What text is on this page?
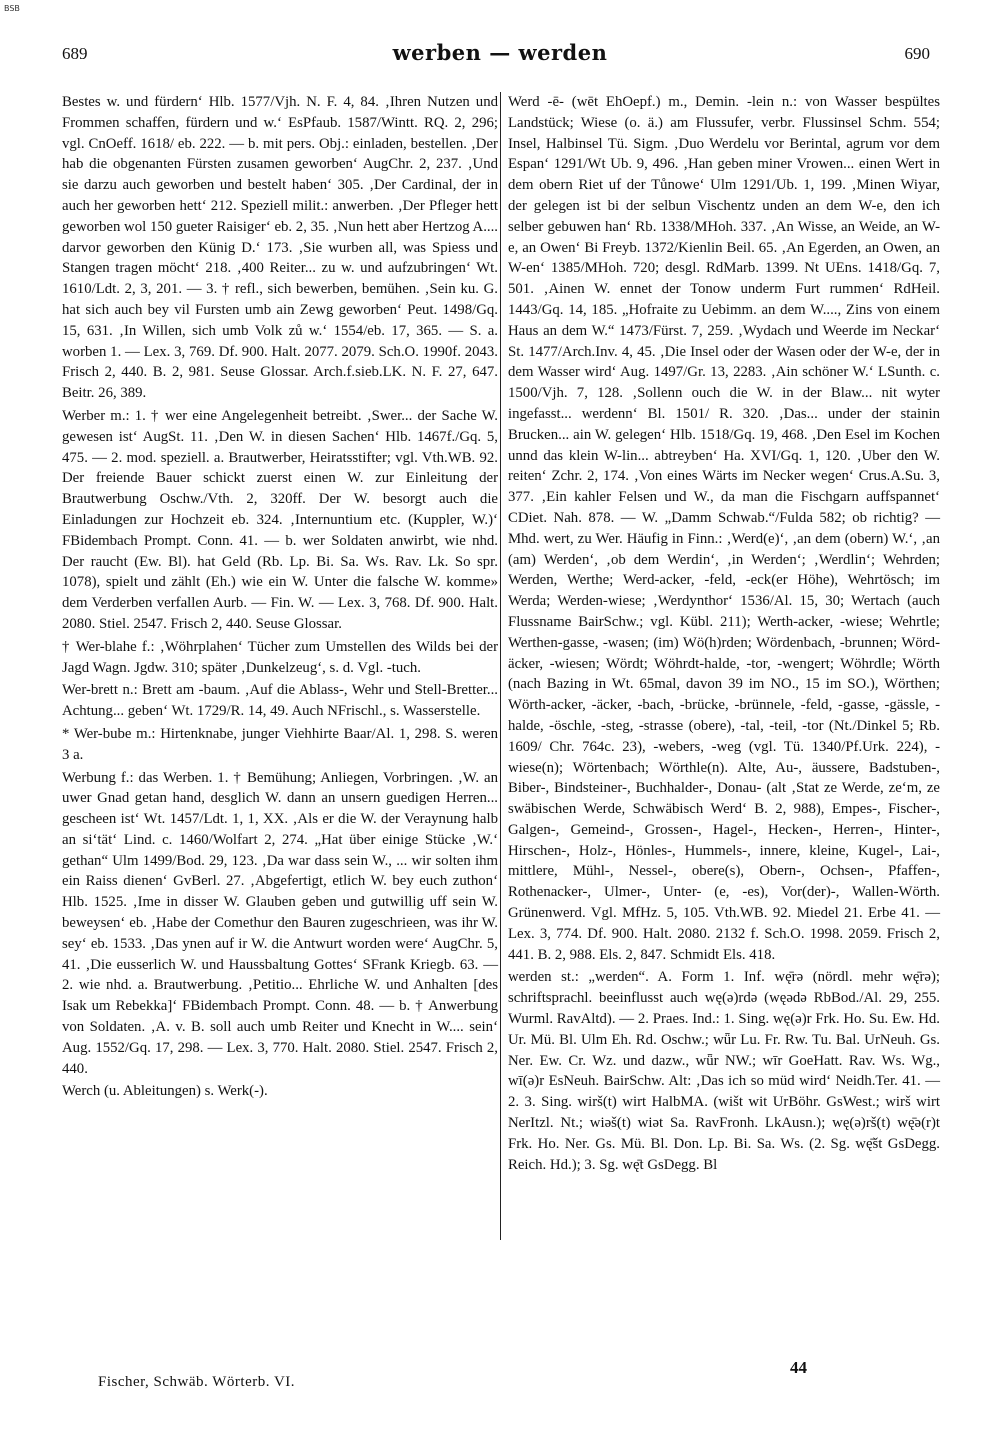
BSB
689	werben — werden	690

Bestes w. und fürdern‘ Hlb. 1577/Vjh. N. F. 4, 84. ‚Ihren Nutzen und Frommen schaffen, fürdern und w.‘ EsPfaub. 1587/Wintt. RQ. 2, 296; vgl. CnOeff. 1618/ eb. 222. — b. mit pers. Obj.: einladen, bestellen. ‚Der hab die obgenanten Fürsten zusamen geworben‘ AugChr. 2, 237. ‚Und sie darzu auch geworben und bestelt haben‘ 305. ‚Der Cardinal, der in auch her geworben hett‘ 212. Speziell milit.: anwerben. ‚Der Pfleger hett geworben wol 150 gueter Raisiger‘ eb. 2, 35. ‚Nun hett aber Hertzog A.... darvor geworben den Künig D.‘ 173. ‚Sie wurben all, was Spiess und Stangen tragen möcht‘ 218. ‚400 Reiter... zu w. und aufzubringen‘ Wt. 1610/Ldt. 2, 3, 201. — 3. † refl., sich bewerben, bemühen. ‚Sein ku. G. hat sich auch bey vil Fursten umb ain Zewg geworben‘ Peut. 1498/Gq. 15, 631. ‚In Willen, sich umb Volk zů w.‘ 1554/eb. 17, 365. — S. a. worben 1. — Lex. 3, 769. Df. 900. Halt. 2077. 2079. Sch.O. 1990f. 2043. Frisch 2, 440. B. 2, 981. Seuse Glossar. Arch.f.sieb.LK. N. F. 27, 647. Beitr. 26, 389.

Werber m.: 1. † wer eine Angelegenheit betreibt. ‚Swer... der Sache W. gewesen ist‘ AugSt. 11. ‚Den W. in diesen Sachen‘ Hlb. 1467f./Gq. 5, 475. — 2. mod. speziell. a. Brautwerber, Heiratsstifter; vgl. Vth.WB. 92. Der freiende Bauer schickt zuerst einen W. zur Einleitung der Brautwerbung Oschw./Vth. 2, 320ff. Der W. besorgt auch die Einladungen zur Hochzeit eb. 324. ‚Internuntium etc. (Kuppler, W.)‘ FBidembach Prompt. Conn. 41. — b. wer Soldaten anwirbt, wie nhd. Der raucht (Ew. Bl). hat Geld (Rb. Lp. Bi. Sa. Ws. Rav. Lk. So spr. 1078), spielt und zählt (Eh.) wie ein W. Unter die falsche W. komme» dem Verderben verfallen Aurb. — Fin. W. — Lex. 3, 768. Df. 900. Halt. 2080. Stiel. 2547. Frisch 2, 440. Seuse Glossar.

† Wer-blahe f.: ‚Wöhrplahen‘ Tücher zum Umstellen des Wilds bei der Jagd Wagn. Jgdw. 310; später ‚Dunkelzeug‘, s. d. Vgl. -tuch.

Wer-brett n.: Brett am -baum. ‚Auf die Ablass-, Wehr und Stell-Bretter... Achtung... geben‘ Wt. 1729/R. 14, 49. Auch NFrischl., s. Wasserstelle.

* Wer-bube m.: Hirtenknabe, junger Viehhirte Baar/Al. 1, 298. S. weren 3 a.

Werbung f.: das Werben. 1. † Bemühung; Anliegen, Vorbringen. ‚W. an uwer Gnad getan hand, desglich W. dann an unsern guedigen Herren... gescheen ist‘ Wt. 1457/Ldt. 1, 1, XX. ‚Als er die W. der Veraynung halb an si‘tät‘ Lind. c. 1460/Wolfart 2, 274. „Hat über einige Stücke ‚W.‘ gethan“ Ulm 1499/Bod. 29, 123. ‚Da war dass sein W., ... wir solten ihm ein Raiss dienen‘ GvBerl. 27. ‚Abgefertigt, etlich W. bey euch zuthon‘ Hlb. 1525. ‚Ime in disser W. Glauben geben und gutwillig uff sein W. beweysen‘ eb. ‚Habe der Comethur den Bauren zugeschrieen, was ihr W. sey‘ eb. 1533. ‚Das ynen auf ir W. die Antwurt worden were‘ AugChr. 5, 41. ‚Die eusserlich W. und Haussbaltung Gottes‘ SFrank Kriegb. 63. — 2. wie nhd. a. Brautwerbung. ‚Petitio... Ehrliche W. und Anhalten [des Isak um Rebekka]‘ FBidembach Prompt. Conn. 48. — b. † Anwerbung von Soldaten. ‚A. v. B. soll auch umb Reiter und Knecht in W.... sein‘ Aug. 1552/Gq. 17, 298. — Lex. 3, 770. Halt. 2080. Stiel. 2547. Frisch 2, 440.

Werch (u. Ableitungen) s. Werk(-).

Werd -ē- (wēt EhOepf.) m., Demin. -lein n.: von Wasser bespültes Landstück; Wiese (o. ä.) am Flussufer, verbr. Flussinsel Schm. 554; Insel, Halbinsel Tü. Sigm. ‚Duo Werdelu vor Berintal, agrum vor dem Espan‘ 1291/Wt Ub. 9, 496. ‚Han geben miner Vrowen... einen Wert in dem obern Riet uf der Tůnowe‘ Ulm 1291/Ub. 1, 199. ‚Minen Wiyar, der gelegen ist bi der selbun Vischentz unden an dem W-e, den ich selber gebuwen han‘ Rb. 1338/MHoh. 337. ‚An Wisse, an Weide, an W-e, an Owen‘ Bi Freyb. 1372/Kienlin Beil. 65. ‚An Egerden, an Owen, an W-en‘ 1385/MHoh. 720; desgl. RdMarb. 1399. Nt UEns. 1418/Gq. 7, 501. ‚Ainen W. ennet der Tonow underm Furt rummen‘ RdHeil. 1443/Gq. 14, 185. „Hofraite zu Uebimm. an dem W...., Zins von einem Haus an dem W.“ 1473/Fürst. 7, 259. ‚Wydach und Weerde im Neckar‘ St. 1477/Arch.Inv. 4, 45. ‚Die Insel oder der Wasen oder der W-e, der in dem Wasser wird‘ Aug. 1497/Gr. 13, 2283. ‚Ain schöner W.‘ LSunth. c. 1500/Vjh. 7, 128. ‚Sollenn ouch die W. in der Blaw... nit wyter ingefasst... werdenn‘ Bl. 1501/ R. 320. ‚Das... under der stainin Brucken... ain W. gelegen‘ Hlb. 1518/Gq. 19, 468. ‚Den Esel im Kochen unnd das klein W-lin... abtreyben‘ Ha. XVI/Gq. 1, 120. ‚Uber den W. reiten‘ Zchr. 2, 174. ‚Von eines Wärts im Necker wegen‘ Crus.A.Su. 3, 377. ‚Ein kahler Felsen und W., da man die Fischgarn auffspannet‘ CDiet. Nah. 878. — W. „Damm Schwab.“/Fulda 582; ob richtig? — Mhd. wert, zu Wer. Häufig in Finn.: ‚Werd(e)‘, ‚an dem (obern) W.‘, ‚an (am) Werden‘, ‚ob dem Werdin‘, ‚in Werden‘; ‚Werdlin‘; Wehrden; Werden, Werthe; Werd-acker, -feld, -eck(er Höhe), Wehrtösch; im Werda; Werden-wiese; ‚Werdynthor‘ 1536/Al. 15, 30; Wertach (auch Flussname BairSchw.; vgl. Kübl. 211); Werth-acker, -wiese; Wehrtle; Werthen-gasse, -wasen; (im) Wö(h)rden; Wördenbach, -brunnen; Wörd-äcker, -wiesen; Wördt; Wöhrdt-halde, -tor, -wengert; Wöhrdle; Wörth (nach Bazing in Wt. 65mal, davon 39 im NO., 15 im SO.), Wörthen; Wörth-acker, -äcker, -bach, -brücke, -brünnele, -feld, -gasse, -gässle, -halde, -öschle, -steg, -strasse (obere), -tal, -teil, -tor (Nt./Dinkel 5; Rb. 1609/ Chr. 764c. 23), -webers, -weg (vgl. Tü. 1340/Pf.Urk. 224), -wiese(n); Wörtenbach; Wörthle(n). Alte, Au-, äussere, Badstuben-, Biber-, Bindsteiner-, Buchhalder-, Donau- (alt ‚Stat ze Werde, ze‘m, ze swäbischen Werde, Schwäbisch Werd‘ B. 2, 988), Empes-, Fischer-, Galgen-, Gemeind-, Grossen-, Hagel-, Hecken-, Herren-, Hinter-, Hirschen-, Holz-, Hönles-, Hummels-, innere, kleine, Kugel-, Lai-, mittlere, Mühl-, Nessel-, obere(s), Obern-, Ochsen-, Pfaffen-, Rothenacker-, Ulmer-, Unter- (e, -es), Vor(der)-, Wallen-Wörth. Grünenwerd. Vgl. MfHz. 5, 105. Vth.WB. 92. Miedel 21. Erbe 41. — Lex. 3, 774. Df. 900. Halt. 2080. 2132 f. Sch.O. 1998. 2059. Frisch 2, 441. B. 2, 988. Els. 2, 847. Schmidt Els. 418.

werden st.: „werden“. A. Form 1. Inf. wę̄rə (nördl. mehr wę̄rə); schriftsprachl. beeinflusst auch wę(ə)rdə (węədə RbBod./Al. 29, 255. Wurml. RavAltd). — 2. Praes. Ind.: 1. Sing. wę(ə)r Frk. Ho. Su. Ew. Hd. Ur. Mü. Bl. Ulm Eh. Rd. Oschw.; wǖr Lu. Fr. Rw. Tu. Bal. UrNeuh. Gs. Ner. Ew. Cr. Wz. und dazw., wǖr NW.; wīr GoeHatt. Rav. Ws. Wg., wī(ə)r EsNeuh. BairSchw. Alt: ‚Das ich so müd wird‘ Neidh.Ter. 41. — 2. 3. Sing. wirš(t) wirt HalbMA. (wišt wit UrBöhr. GsWest.; wirš wirt NerItzl. Nt.; wiəš(t) wiət Sa. RavFronh. LkAusn.); wę(ə)rš(t) wę̄ə(r)t Frk. Ho. Ner. Gs. Mü. Bl. Don. Lp. Bi. Sa. Ws. (2. Sg. wę̄št GsDegg. Reich. Hd.); 3. Sg. wę̄t GsDegg. Bl

Fischer, Schwäb. Wörterb. VI.
44
